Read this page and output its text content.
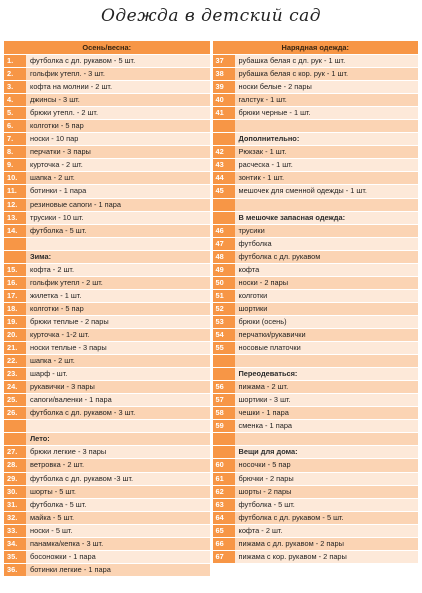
Одежда в детский сад
Осень/весна:
1.	футболка с дл. рукавом - 5 шт.
2.	гольфик утепл. - 3 шт.
3.	кофта на молнии - 2 шт.
4.	джинсы - 3 шт.
5.	брюки утепл. - 2 шт.
6.	колготки - 5 пар
7.	носки - 10 пар
8.	перчатки - 3 пары
9.	курточка - 2 шт.
10.	шапка - 2 шт.
11.	ботинки - 1 пара
12.	резиновые сапоги - 1 пара
13.	трусики - 10 шт.
14.	футболка - 5 шт.
Зима:
15.	кофта - 2 шт.
16.	гольфик утепл - 2 шт.
17.	жилетка - 1 шт.
18.	колготки - 5 пар
19.	брюки теплые - 2 пары
20.	курточка - 1-2 шт.
21.	носки теплые - 3 пары
22.	шапка - 2 шт.
23.	шарф - шт.
24.	рукавички - 3 пары
25.	сапоги/валенки - 1 пара
26.	футболка с дл. рукавом - 3 шт.
Лето:
27.	брюки легкие - 3 пары
28.	ветровка - 2 шт.
29.	футболка с дл. рукавом -3 шт.
30.	шорты - 5 шт.
31.	футболка - 5 шт.
32.	майка - 5 шт.
33.	носки - 5 шт.
34.	панамка/кепка - 3 шт.
35.	босоножки - 1 пара
36.	ботинки легкие - 1 пара
Нарядная одежда:
37	рубашка белая с дл. рук - 1 шт.
38	рубашка белая с кор. рук - 1 шт.
39	носки белые - 2 пары
40	галстук - 1 шт.
41	брюки черные - 1 шт.
Дополнительно:
42	Рюкзак - 1 шт.
43	расческа - 1 шт.
44	зонтик - 1 шт.
45	мешочек для сменной одежды - 1 шт.
В мешочке запасная одежда:
46	трусики
47	футболка
48	футболка с дл. рукавом
49	кофта
50	носки - 2 пары
51	колготки
52	шортики
53	брюки (осень)
54	перчатки/рукавички
55	носовые платочки
Переодеваться:
56	пижама - 2 шт.
57	шортики - 3 шт.
58	чешки - 1 пара
59	сменка - 1 пара
Вещи для дома:
60	носочки - 5 пар
61	брючки - 2 пары
62	шорты - 2 пары
63	футболка - 5 шт.
64	футболка с дл. рукавом - 5 шт.
65	кофта - 2 шт.
66	пижама с дл. рукавом - 2 пары
67	пижама с кор. рукавом - 2 пары
